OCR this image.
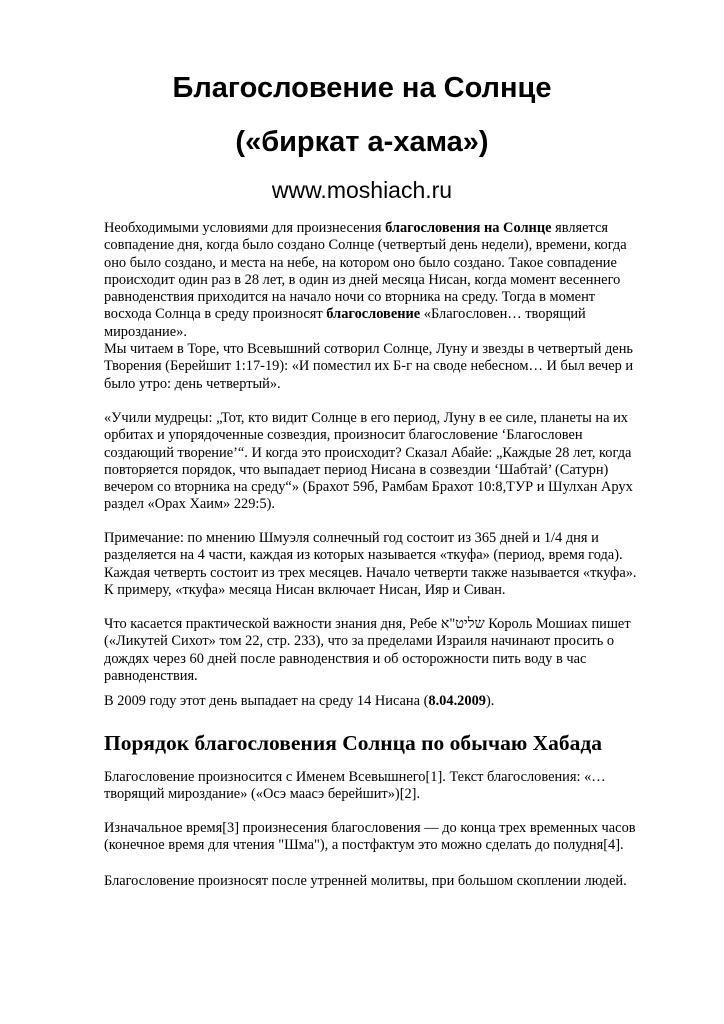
Благословение на Солнце
(«биркат а-хама»)
www.moshiach.ru

Необходимыми условиями для произнесения благословения на Солнце является совпадение дня, когда было создано Солнце (четвертый день недели), времени, когда оно было создано, и места на небе, на котором оно было создано. Такое совпадение происходит один раз в 28 лет, в один из дней месяца Нисан, когда момент весеннего равноденствия приходится на начало ночи со вторника на среду. Тогда в момент восхода Солнца в среду произносят благословение «Благословен… творящий мироздание».

Мы читаем в Торе, что Всевышний сотворил Солнце, Луну и звезды в четвертый день Творения (Берейшит 1:17-19): «И поместил их Б-г на своде небесном… И был вечер и было утро: день четвертый».

«Учили мудрецы: „Тот, кто видит Солнце в его период, Луну в ее силе, планеты на их орбитах и упорядоченные созвездия, произносит благословение ‘Благословен создающий творение’“. И когда это происходит? Сказал Абайе: „Каждые 28 лет, когда повторяется порядок, что выпадает период Нисана в созвездии ‘Шабтай’ (Сатурн) вечером со вторника на среду“» (Брахот 59б, Рамбам Брахот 10:8,ТУР и Шулхан Арух раздел «Орах Хаим» 229:5).

Примечание: по мнению Шмуэля солнечный год состоит из 365 дней и 1/4 дня и разделяется на 4 части, каждая из которых называется «ткуфа» (период, время года). Каждая четверть состоит из трех месяцев. Начало четверти также называется «ткуфа». К примеру, «ткуфа» месяца Нисан включает Нисан, Ияр и Сиван.

Что касается практической важности знания дня, Ребе שליט"א Король Мошиах пишет («Ликутей Сихот» том 22, стр. 233), что за пределами Израиля начинают просить о дождях через 60 дней после равноденствия и об осторожности пить воду в час равноденствия.

В 2009 году этот день выпадает на среду 14 Нисана (8.04.2009).

Порядок благословения Солнца по обычаю Хабада

Благословение произносится с Именем Всевышнего[1]. Текст благословения: «…творящий мироздание» («Осэ маасэ берейшит»)[2].

Изначальное время[3] произнесения благословения — до конца трех временных часов (конечное время для чтения "Шма"), а постфактум это можно сделать до полудня[4].

Благословение произносят после утренней молитвы, при большом скоплении людей.
